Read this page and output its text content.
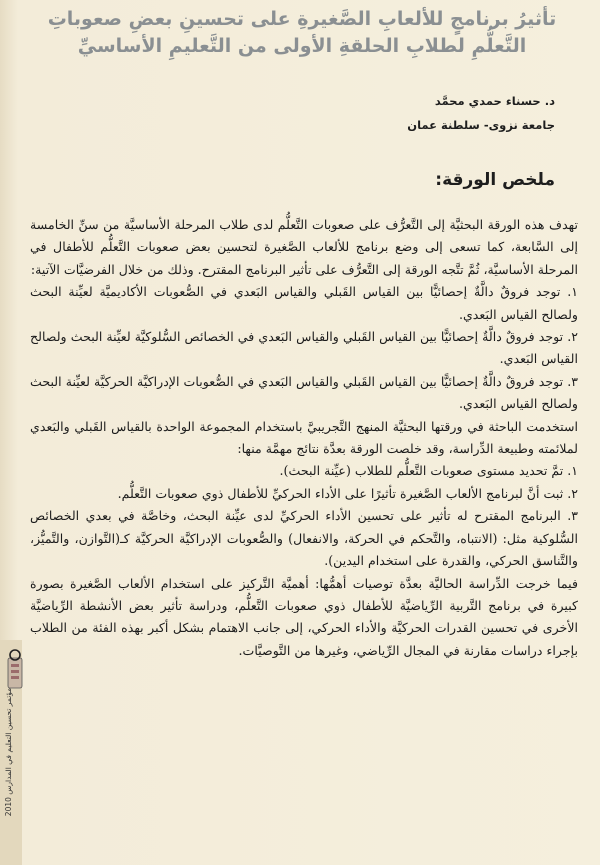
تأثيرُ برنامجٍ للألعابِ الصَّغيرةِ على تحسينِ بعضِ صعوباتِ
التَّعلُّمِ لطلابِ الحلقةِ الأولى من التَّعليمِ الأساسيِّ
د. حسناء حمدي محمَّد
جامعة نزوى- سلطنة عمان
ملخص الورقة:

تهدف هذه الورقة البحثيَّة إلى التَّعرُّف على صعوبات التَّعلُّم لدى طلاب المرحلة الأساسيَّة من سنِّ الخامسة إلى السَّابعة، كما تسعى إلى وضع برنامج للألعاب الصَّغيرة لتحسين بعض صعوبات التَّعلُّم للأطفال في المرحلة الأساسيَّة، ثُمَّ تتَّجه الورقة إلى التَّعرُّف على تأثير البرنامج المقترح. وذلك من خلال الفرضيَّات الآتية:

١. توجد فروقٌ دالَّةٌ إحصائيًّا بين القياس القَبلي والقياس البَعدي في الصُّعوبات الأكاديميَّة لعيِّنة البحث ولصالح القياس البَعدي.

٢. توجد فروقٌ دالَّةٌ إحصائيًّا بين القياس القَبلي والقياس البَعدي في الخصائص السُّلوكيَّة لعيِّنة البحث ولصالح القياس البَعدي.

٣. توجد فروقٌ دالَّةٌ إحصائيًّا بين القياس القَبلي والقياس البَعدي في الصُّعوبات الإدراكيَّة الحركيَّة لعيِّنة البحث ولصالح القياس البَعدي.

استخدمت الباحثة في ورقتها البحثيَّة المنهج التَّجريبيَّ باستخدام المجموعة الواحدة بالقياس القَبلي والبَعدي لملائمته وطبيعة الدِّراسة، وقد خلصت الورقة بعدَّة نتائج مهمَّة منها:

١. تمَّ تحديد مستوى صعوبات التَّعلُّم للطلاب (عيِّنة البحث).

٢. ثبت أنَّ لبرنامج الألعاب الصَّغيرة تأثيرًا على الأداء الحركيِّ للأطفال ذوي صعوبات التَّعلُّم.

٣. البرنامج المقترح له تأثير على تحسين الأداء الحركيِّ لدى عيِّنة البحث، وخاصَّة في بعدي الخصائص السُّلوكية مثل: (الانتباه، والتَّحكم في الحركة، والانفعال) والصُّعوبات الإدراكيَّة الحركيَّة كـ(التَّوازن، والتَّميُّز، والتَّناسق الحركي، والقدرة على استخدام اليدين).

فيما خرجت الدِّراسة الحاليَّة بعدَّة توصيات أهمُّها: أهميَّة التَّركيز على استخدام الألعاب الصَّغيرة بصورة كبيرة في برنامج التَّربية الرِّياضيَّة للأطفال ذوي صعوبات التَّعلُّم، ودراسة تأثير بعض الأنشطة الرِّياضيَّة الأخرى في تحسين القدرات الحركيَّة والأداء الحركي، إلى جانب الاهتمام بشكل أكبر بهذه الفئة من الطلاب بإجراء دراسات مقارنة في المجال الرِّياضي، وغيرها من التَّوصيَّات.

مؤتمر تحسين التعليم في المدارس 2010
